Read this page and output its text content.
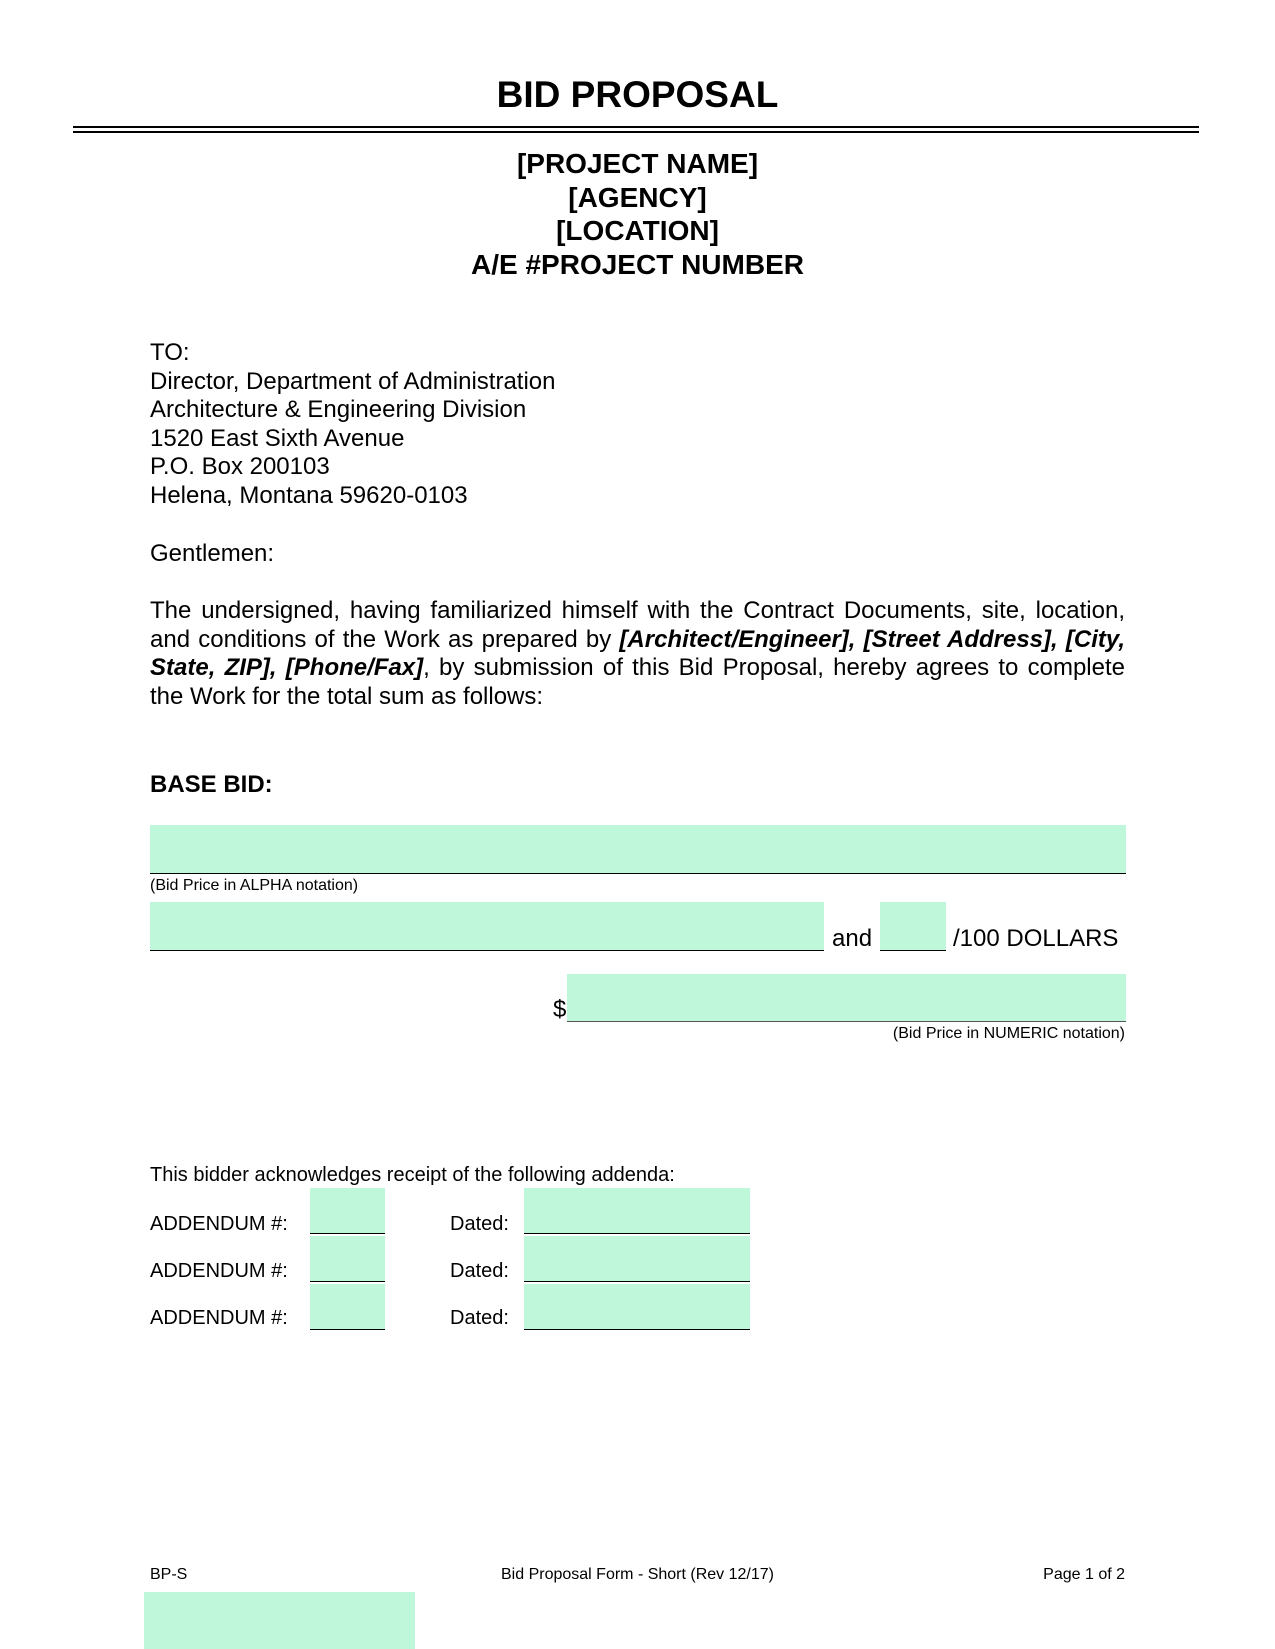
BID PROPOSAL
[PROJECT NAME]
[AGENCY]
[LOCATION]
A/E #PROJECT NUMBER
TO:
Director, Department of Administration
Architecture & Engineering Division
1520 East Sixth Avenue
P.O. Box 200103
Helena, Montana 59620-0103
Gentlemen:
The undersigned, having familiarized himself with the Contract Documents, site, location, and conditions of the Work as prepared by [Architect/Engineer], [Street Address], [City, State, ZIP], [Phone/Fax], by submission of this Bid Proposal, hereby agrees to complete the Work for the total sum as follows:
BASE BID:
(Bid Price in ALPHA notation)
and	/100 DOLLARS
$
(Bid Price in NUMERIC notation)
This bidder acknowledges receipt of the following addenda:
ADDENDUM #:	Dated:
ADDENDUM #:	Dated:
ADDENDUM #:	Dated:
BP-S	Bid Proposal Form - Short (Rev 12/17)	Page 1 of 2
